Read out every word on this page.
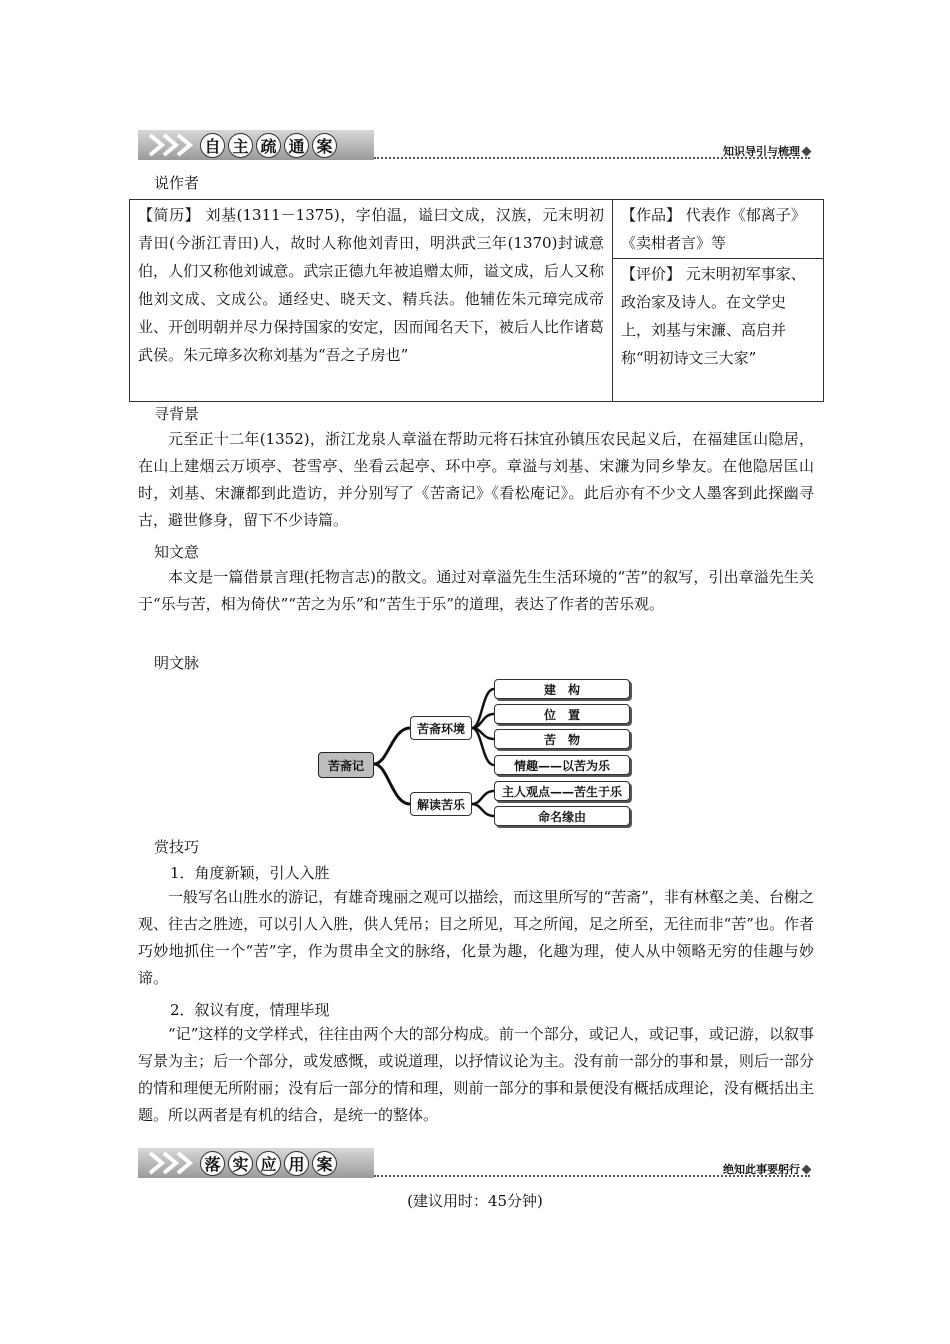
自 主 疏 通 案	知识导引与梳理
说作者
【简历】 刘基(1311－1375)，字伯温，谥曰文成，汉族，元末明初青田(今浙江青田)人，故时人称他刘青田，明洪武三年(1370)封诚意伯，人们又称他刘诚意。武宗正德九年被追赠太师，谥文成，后人又称他刘文成、文成公。通经史、晓天文、精兵法。他辅佐朱元璋完成帝业、开创明朝并尽力保持国家的安定，因而闻名天下，被后人比作诸葛武侯。朱元璋多次称刘基为“吾之子房也”	【作品】 代表作《郁离子》《卖柑者言》等
【评价】 元末明初军事家、政治家及诗人。在文学史上，刘基与宋濂、高启并称“明初诗文三大家”
寻背景

元至正十二年(1352)，浙江龙泉人章溢在帮助元将石抹宜孙镇压农民起义后，在福建匡山隐居，在山上建烟云万顷亭、苍雪亭、坐看云起亭、环中亭。章溢与刘基、宋濂为同乡挚友。在他隐居匡山时，刘基、宋濂都到此造访，并分别写了《苦斋记》《看松庵记》。此后亦有不少文人墨客到此探幽寻古，避世修身，留下不少诗篇。

知文意

本文是一篇借景言理(托物言志)的散文。通过对章溢先生生活环境的“苦”的叙写，引出章溢先生关于“乐与苦，相为倚伏”“苦之为乐”和“苦生于乐”的道理，表达了作者的苦乐观。

明文脉
苦斋记
苦斋环境
解读苦乐
建　构
位　置
苦　物
情趣——以苦为乐
主人观点——苦生于乐
命名缘由
赏技巧
1．角度新颖，引人入胜

一般写名山胜水的游记，有雄奇瑰丽之观可以描绘，而这里所写的“苦斋”，非有林壑之美、台榭之观、往古之胜迹，可以引人入胜，供人凭吊；目之所见，耳之所闻，足之所至，无往而非“苦”也。作者巧妙地抓住一个“苦”字，作为贯串全文的脉络，化景为趣，化趣为理，使人从中领略无穷的佳趣与妙谛。

2．叙议有度，情理毕现

“记”这样的文学样式，往往由两个大的部分构成。前一个部分，或记人，或记事，或记游，以叙事写景为主；后一个部分，或发感慨，或说道理，以抒情议论为主。没有前一部分的事和景，则后一部分的情和理便无所附丽；没有后一部分的情和理，则前一部分的事和景便没有概括成理论，没有概括出主题。所以两者是有机的结合，是统一的整体。

落 实 应 用 案	绝知此事要躬行
(建议用时：45分钟)
